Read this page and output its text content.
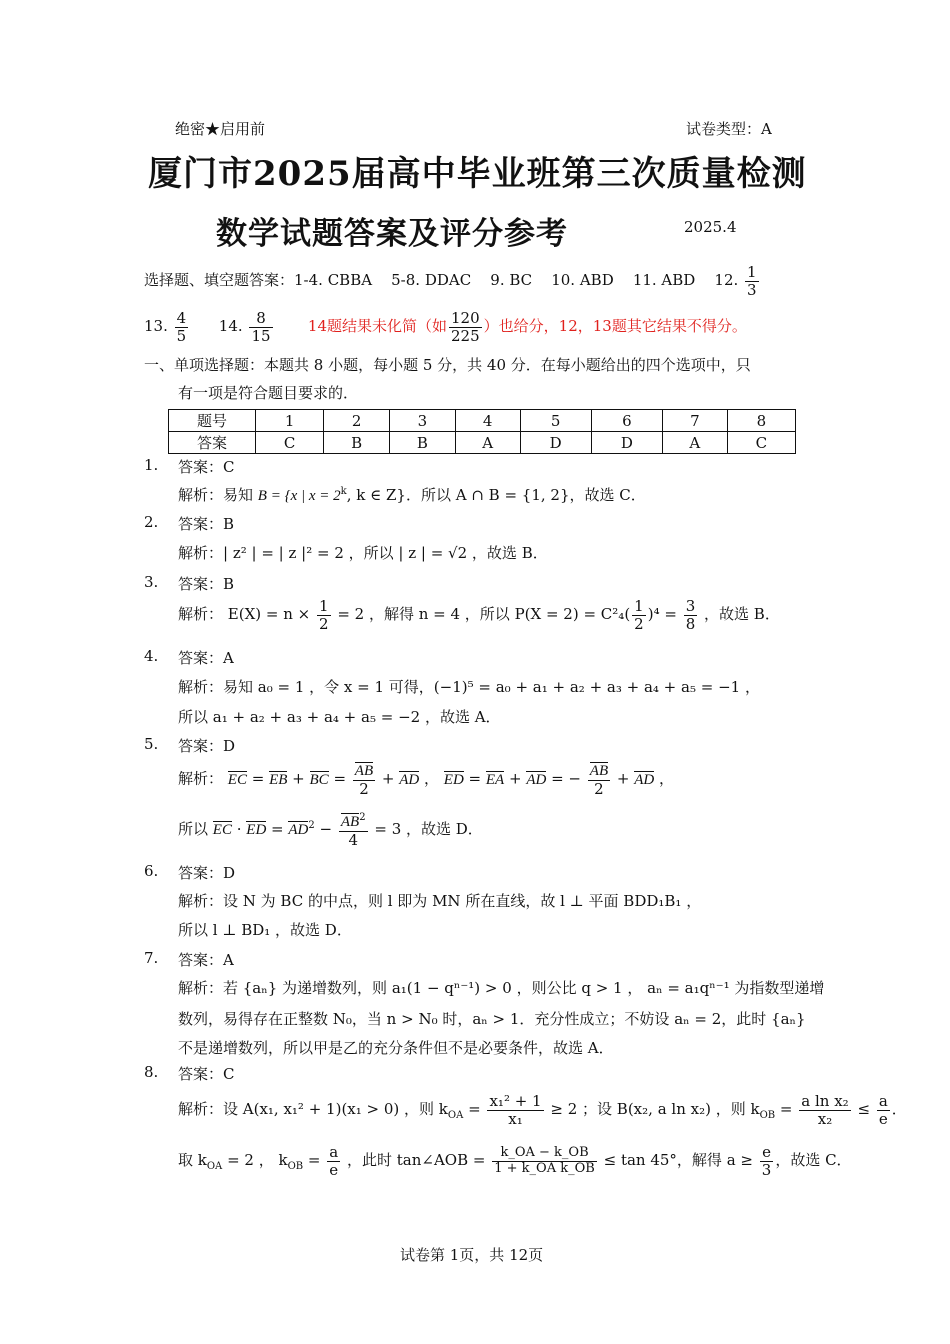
绝密★启用前	试卷类型：A
厦门市2025届高中毕业班第三次质量检测
数学试题答案及评分参考	2025.4
选择题、填空题答案：1-4. CBBA 5-8. DDAC 9. BC 10. ABD 11. ABD 12. $\frac{1}{3}$
13. $\frac{4}{5} 14$. $\frac{8}{15} 14$题结果未化简（如 $\frac{120}{225}$ ）也给分，12，13题其它结果不得分。
一、单项选择题：本题共 8 小题，每小题 5 分，共 40 分．在每小题给出的四个选项中，只
有一项是符合题目要求的．
题号	1	2	3	4	5	6	7	8
答案	C	B	B	A	D	D	A	C
1. 答案：C
解析：易知 B = {x | $x = 2^k$, k ∈ Z}．所以 A ∩ B = {1, 2}，故选 C．
2. 答案：B
解析：| z² | = | z |² = 2 ，所以 | z | = √2 ，故选 B．
3. 答案：B
解析： $E(X) = n \times \frac{1}{2} = 2$ ，解得 n = 4 ，所以 $P(X = 2) = C^2_4( \frac{1}{2} )^4 = \frac{3}{8}$ ，故选 B．
4. 答案：A
解析：易知 a₀ = 1 ，令 x = 1 可得，(−1)⁵ = a₀ + a₁ + a₂ + a₃ + a₄ + a₅ = −1 ，
所以 a₁ + a₂ + a₃ + a₄ + a₅ = −2 ，故选 A．
5. 答案：D
解析： EC = EB + BC = $\frac{AB}{2}$ + AD ， ED = EA + AD = − $\frac{AB}{2}$ + AD ，
所以 EC · ED = $AD^2 - \frac{AB^2}{4} = 3$ ，故选 D．
6. 答案：D
解析：设 N 为 BC 的中点，则 l 即为 MN 所在直线，故 l ⊥ 平面 BDD₁B₁ ，
所以 l ⊥ BD₁ ，故选 D．
7. 答案：A
解析：若 {aₙ} 为递增数列，则 a₁(1 − qⁿ⁻¹) > 0 ，则公比 q > 1 ， aₙ = a₁qⁿ⁻¹ 为指数型递增
数列，易得存在正整数 N₀，当 n > N₀ 时，aₙ > 1．充分性成立；不妨设 aₙ = 2，此时 {aₙ}
不是递增数列，所以甲是乙的充分条件但不是必要条件，故选 A．
8. 答案：C
解析：设 A(x₁, x₁² + 1)(x₁ > 0) ，则 $k_{OA} = \frac{\text{x₁² + 1}}{\text{x₁}} \ge 2$ ；设 B(x₂, a ln x₂) ，则 $k_{OB} = \frac{\text{a ln x₂}}{\text{x₂}} \le \frac{a}{e}$ ．
取 $k_{OA} = 2$ ， $k_{OB} = \frac{a}{e}$ ，此时 tan∠AOB = $\frac{k\_OA - k\_OB}{\text{1 + k\_OA k\_OB}} \le \tan 45^\circ$，解得 $a \ge \frac{e}{3}$ ，故选 C．
试卷第 1页，共 12页
